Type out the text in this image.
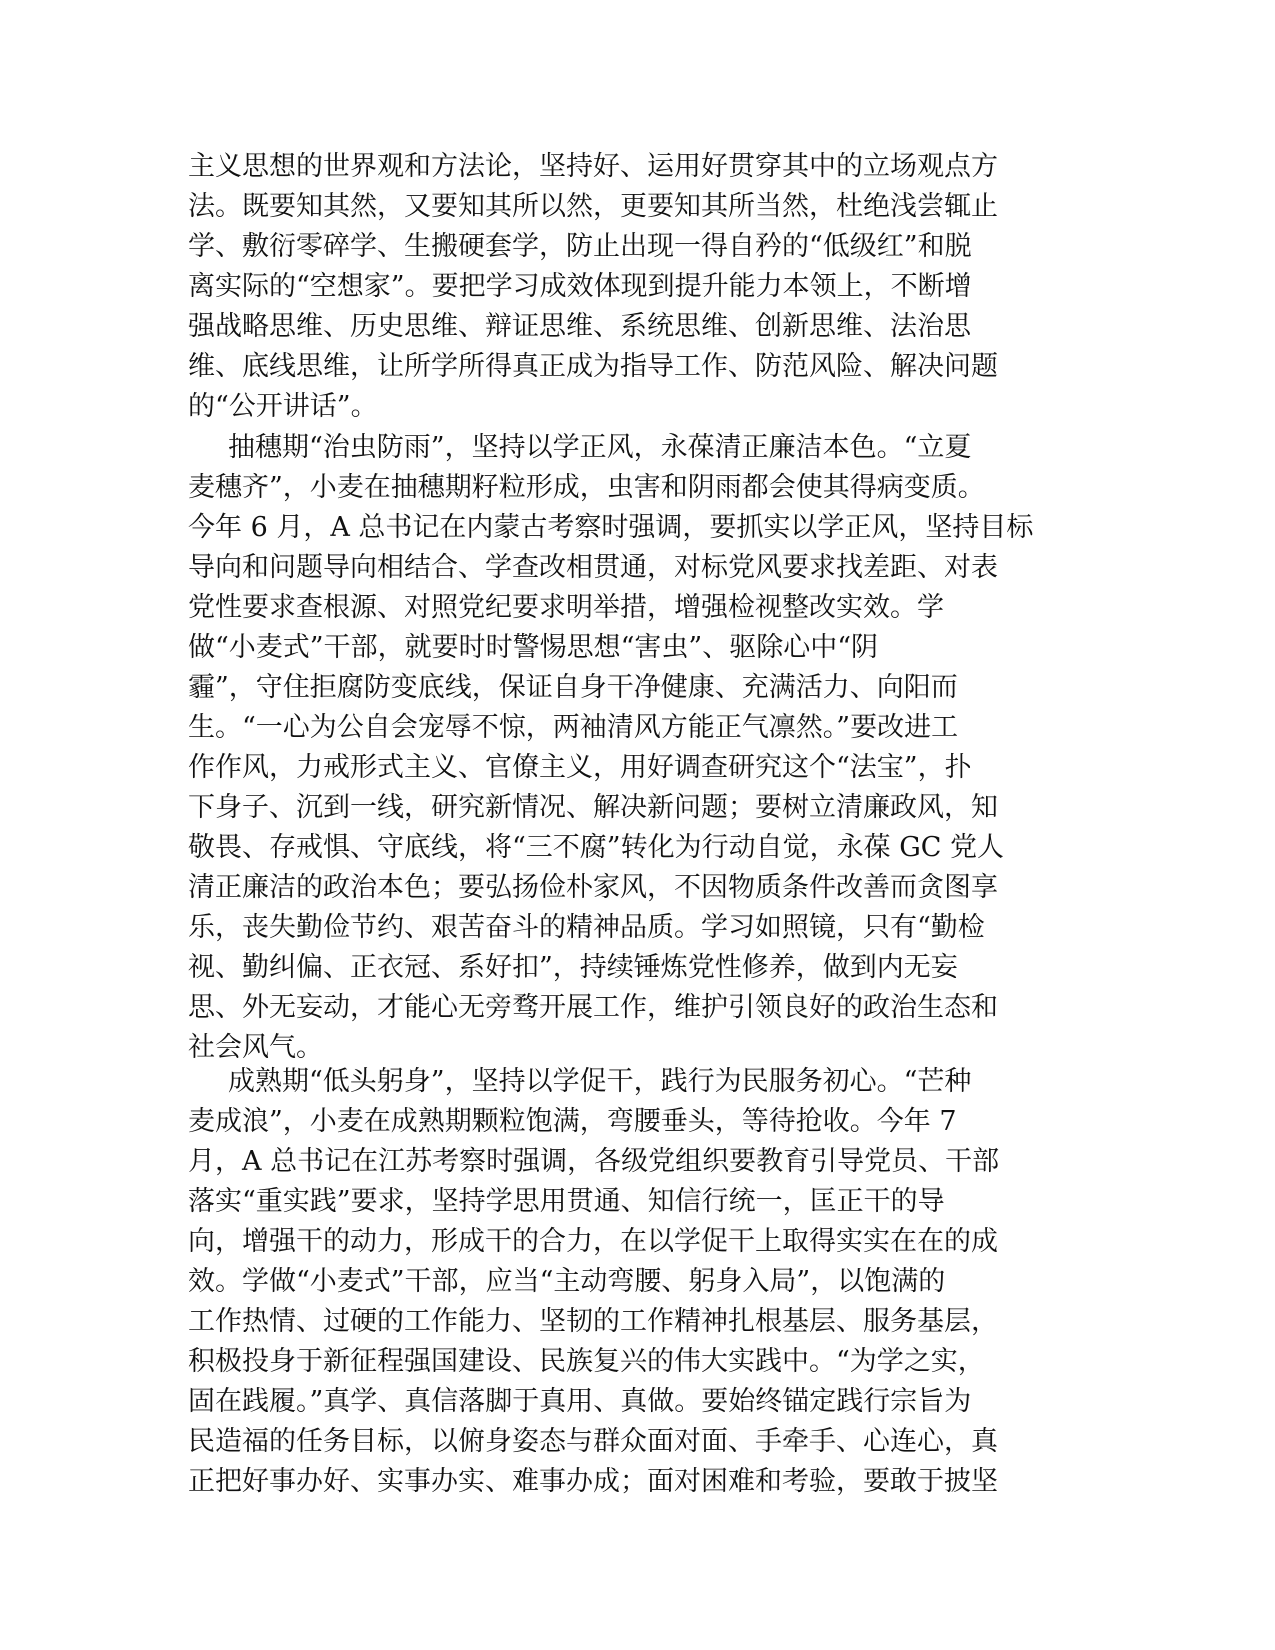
主义思想的世界观和方法论，坚持好、运用好贯穿其中的立场观点方
法。既要知其然，又要知其所以然，更要知其所当然，杜绝浅尝辄止
学、敷衍零碎学、生搬硬套学，防止出现一得自矜的“低级红”和脱
离实际的“空想家”。要把学习成效体现到提升能力本领上，不断增
强战略思维、历史思维、辩证思维、系统思维、创新思维、法治思
维、底线思维，让所学所得真正成为指导工作、防范风险、解决问题
的“公开讲话”。
抽穗期“治虫防雨”，坚持以学正风，永葆清正廉洁本色。“立夏
麦穗齐”，小麦在抽穗期籽粒形成，虫害和阴雨都会使其得病变质。
今年 6 月，A 总书记在内蒙古考察时强调，要抓实以学正风，坚持目标
导向和问题导向相结合、学查改相贯通，对标党风要求找差距、对表
党性要求查根源、对照党纪要求明举措，增强检视整改实效。学
做“小麦式”干部，就要时时警惕思想“害虫”、驱除心中“阴
霾”，守住拒腐防变底线，保证自身干净健康、充满活力、向阳而
生。“一心为公自会宠辱不惊，两袖清风方能正气凛然。”要改进工
作作风，力戒形式主义、官僚主义，用好调查研究这个“法宝”，扑
下身子、沉到一线，研究新情况、解决新问题；要树立清廉政风，知
敬畏、存戒惧、守底线，将“三不腐”转化为行动自觉，永葆 GC 党人
清正廉洁的政治本色；要弘扬俭朴家风，不因物质条件改善而贪图享
乐，丧失勤俭节约、艰苦奋斗的精神品质。学习如照镜，只有“勤检
视、勤纠偏、正衣冠、系好扣”，持续锤炼党性修养，做到内无妄
思、外无妄动，才能心无旁骛开展工作，维护引领良好的政治生态和
社会风气。
成熟期“低头躬身”，坚持以学促干，践行为民服务初心。“芒种
麦成浪”，小麦在成熟期颗粒饱满，弯腰垂头，等待抢收。今年 7
月，A 总书记在江苏考察时强调，各级党组织要教育引导党员、干部
落实“重实践”要求，坚持学思用贯通、知信行统一，匡正干的导
向，增强干的动力，形成干的合力，在以学促干上取得实实在在的成
效。学做“小麦式”干部，应当“主动弯腰、躬身入局”，以饱满的
工作热情、过硬的工作能力、坚韧的工作精神扎根基层、服务基层，
积极投身于新征程强国建设、民族复兴的伟大实践中。“为学之实，
固在践履。”真学、真信落脚于真用、真做。要始终锚定践行宗旨为
民造福的任务目标，以俯身姿态与群众面对面、手牵手、心连心，真
正把好事办好、实事办实、难事办成；面对困难和考验，要敢于披坚
